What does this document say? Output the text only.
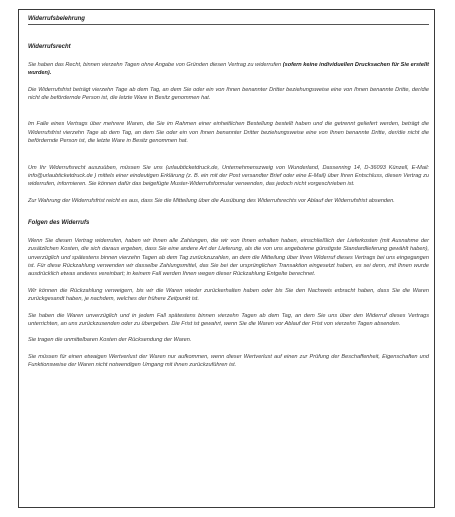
Widerrufsbelehrung

Widerrufsrecht

Sie haben das Recht, binnen vierzehn Tagen ohne Angabe von Gründen diesen Vertrag zu widerrufen (sofern keine individuellen Drucksachen für Sie erstellt wurden).

Die Widerrufsfrist beträgt vierzehn Tage ab dem Tag, an dem Sie oder ein von Ihnen benannter Dritter beziehungsweise eine von Ihnen benannte Dritte, der/die nicht die befördernde Person ist, die letzte Ware in Besitz genommen hat.

Im Falle eines Vertrags über mehrere Waren, die Sie im Rahmen einer einheitlichen Bestellung bestellt haben und die getrennt geliefert werden, beträgt die Widerrufsfrist vierzehn Tage ab dem Tag, an dem Sie oder ein von Ihnen benannter Dritter beziehungsweise eine von Ihnen benannte Dritte, der/die nicht die befördernde Person ist, die letzte Ware in Besitz genommen hat.

Um Ihr Widerrufsrecht auszuüben, müssen Sie uns (urlaubticketdruck.de, Unternehmenszweig von Wunderland, Dassenring 14, D-36093 Künzell, E-Mail: info@urlaubticketdruck.de ) mittels einer eindeutigen Erklärung (z. B. ein mit der Post versandter Brief oder eine E-Mail) über Ihren Entschluss, diesen Vertrag zu widerrufen, informieren. Sie können dafür das beigefügte Muster-Widerrufsformular verwenden, das jedoch nicht vorgeschrieben ist.

Zur Wahrung der Widerrufsfrist reicht es aus, dass Sie die Mitteilung über die Ausübung des Widerrufsrechts vor Ablauf der Widerrufsfrist absenden.

Folgen des Widerrufs

Wenn Sie diesen Vertrag widerrufen, haben wir Ihnen alle Zahlungen, die wir von Ihnen erhalten haben, einschließlich der Lieferkosten (mit Ausnahme der zusätzlichen Kosten, die sich daraus ergeben, dass Sie eine andere Art der Lieferung, als die von uns angebotene günstigste Standardlieferung gewählt haben), unverzüglich und spätestens binnen vierzehn Tagen ab dem Tag zurückzuzahlen, an dem die Mitteilung über Ihren Widerruf dieses Vertrags bei uns eingegangen ist. Für diese Rückzahlung verwenden wir dasselbe Zahlungsmittel, das Sie bei der ursprünglichen Transaktion eingesetzt haben, es sei denn, mit Ihnen wurde ausdrücklich etwas anderes vereinbart; in keinem Fall werden Ihnen wegen dieser Rückzahlung Entgelte berechnet.

Wir können die Rückzahlung verweigern, bis wir die Waren wieder zurückerhalten haben oder bis Sie den Nachweis erbracht haben, dass Sie die Waren zurückgesandt haben, je nachdem, welches der frühere Zeitpunkt ist.

Sie haben die Waren unverzüglich und in jedem Fall spätestens binnen vierzehn Tagen ab dem Tag, an dem Sie uns über den Widerruf dieses Vertrags unterrichten, an uns zurückzusenden oder zu übergeben. Die Frist ist gewahrt, wenn Sie die Waren vor Ablauf der Frist von vierzehn Tagen absenden.

Sie tragen die unmittelbaren Kosten der Rücksendung der Waren.

Sie müssen für einen etwaigen Wertverlust der Waren nur aufkommen, wenn dieser Wertverlust auf einen zur Prüfung der Beschaffenheit, Eigenschaften und Funktionsweise der Waren nicht notwendigen Umgang mit ihnen zurückzuführen ist.
